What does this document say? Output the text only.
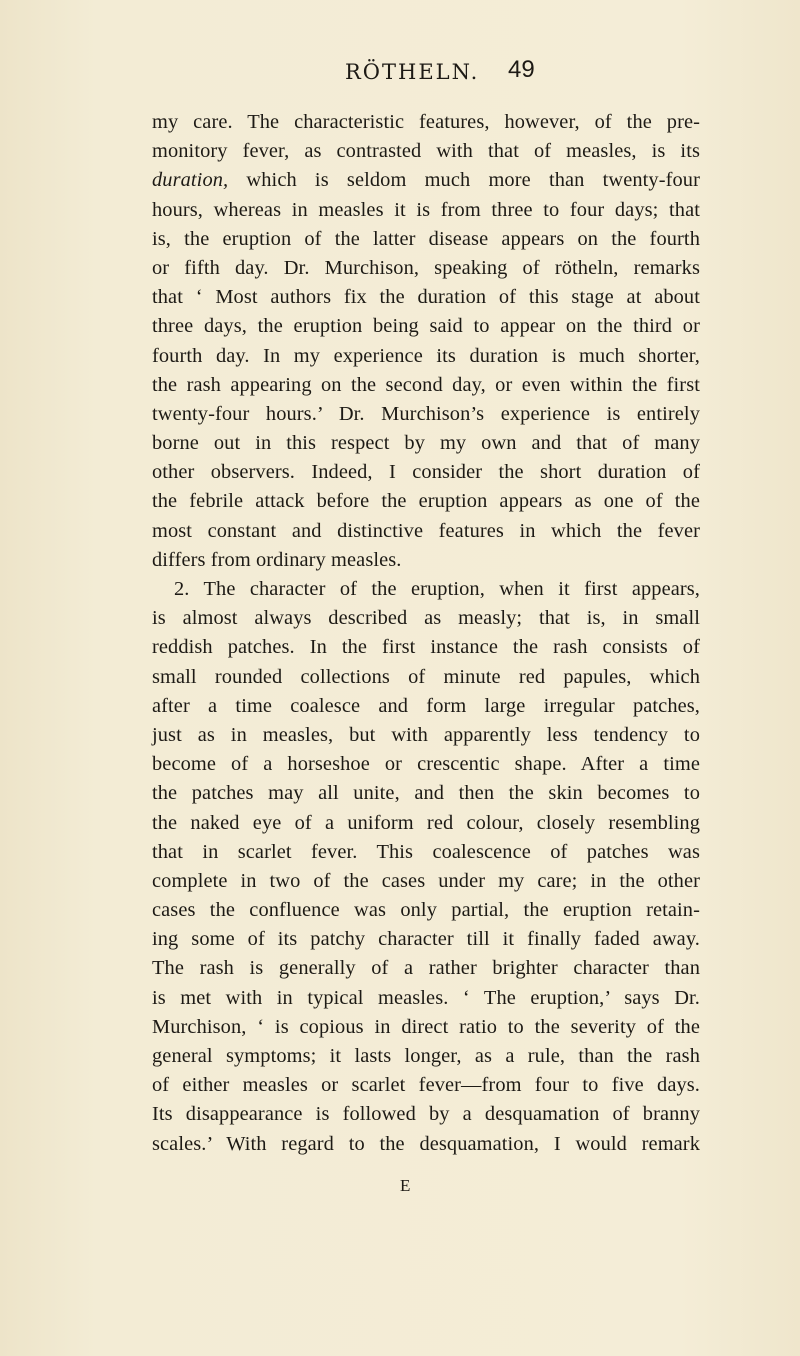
RÖTHELN. 49
my care. The characteristic features, however, of the pre-
monitory fever, as contrasted with that of measles, is its
duration, which is seldom much more than twenty-four
hours, whereas in measles it is from three to four days; that
is, the eruption of the latter disease appears on the fourth
or fifth day. Dr. Murchison, speaking of rötheln, remarks
that ‘ Most authors fix the duration of this stage at about
three days, the eruption being said to appear on the third or
fourth day. In my experience its duration is much shorter,
the rash appearing on the second day, or even within the first
twenty-four hours.’ Dr. Murchison’s experience is entirely
borne out in this respect by my own and that of many
other observers. Indeed, I consider the short duration of
the febrile attack before the eruption appears as one of the
most constant and distinctive features in which the fever
differs from ordinary measles.
2. The character of the eruption, when it first appears,
is almost always described as measly; that is, in small
reddish patches. In the first instance the rash consists of
small rounded collections of minute red papules, which
after a time coalesce and form large irregular patches,
just as in measles, but with apparently less tendency to
become of a horseshoe or crescentic shape. After a time
the patches may all unite, and then the skin becomes to
the naked eye of a uniform red colour, closely resembling
that in scarlet fever. This coalescence of patches was
complete in two of the cases under my care; in the other
cases the confluence was only partial, the eruption retain-
ing some of its patchy character till it finally faded away.
The rash is generally of a rather brighter character than
is met with in typical measles. ‘ The eruption,’ says Dr.
Murchison, ‘ is copious in direct ratio to the severity of the
general symptoms; it lasts longer, as a rule, than the rash
of either measles or scarlet fever—from four to five days.
Its disappearance is followed by a desquamation of branny
scales.’ With regard to the desquamation, I would remark
E
